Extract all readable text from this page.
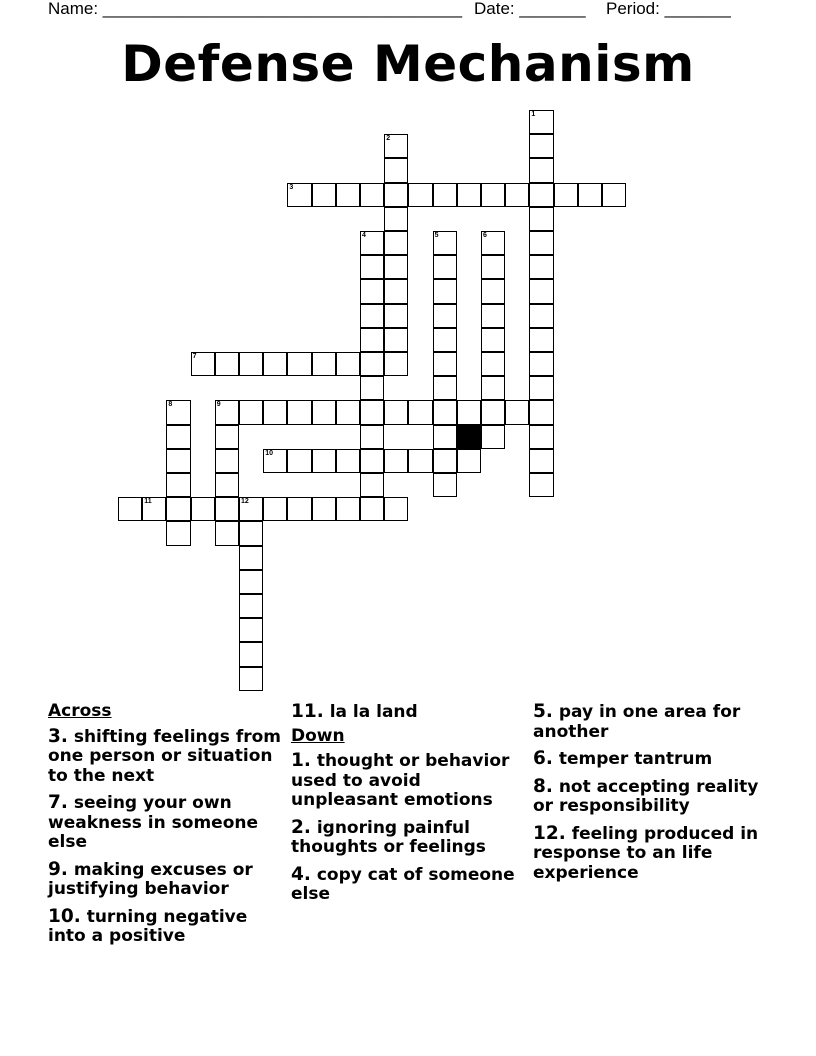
Name: ______________________________________ Date: _______ Period: _______
Defense Mechanism
1
2
3
4	5	6
7
9
8
10
11	12
Across
3. shifting feelings from one person or situation to the next
7. seeing your own weakness in someone else
9. making excuses or justifying behavior
10. turning negative into a positive
11. la la land
Down
1. thought or behavior used to avoid unpleasant emotions
2. ignoring painful thoughts or feelings
4. copy cat of someone else
5. pay in one area for another
6. temper tantrum
8. not accepting reality or responsibility
12. feeling produced in response to an life experience
